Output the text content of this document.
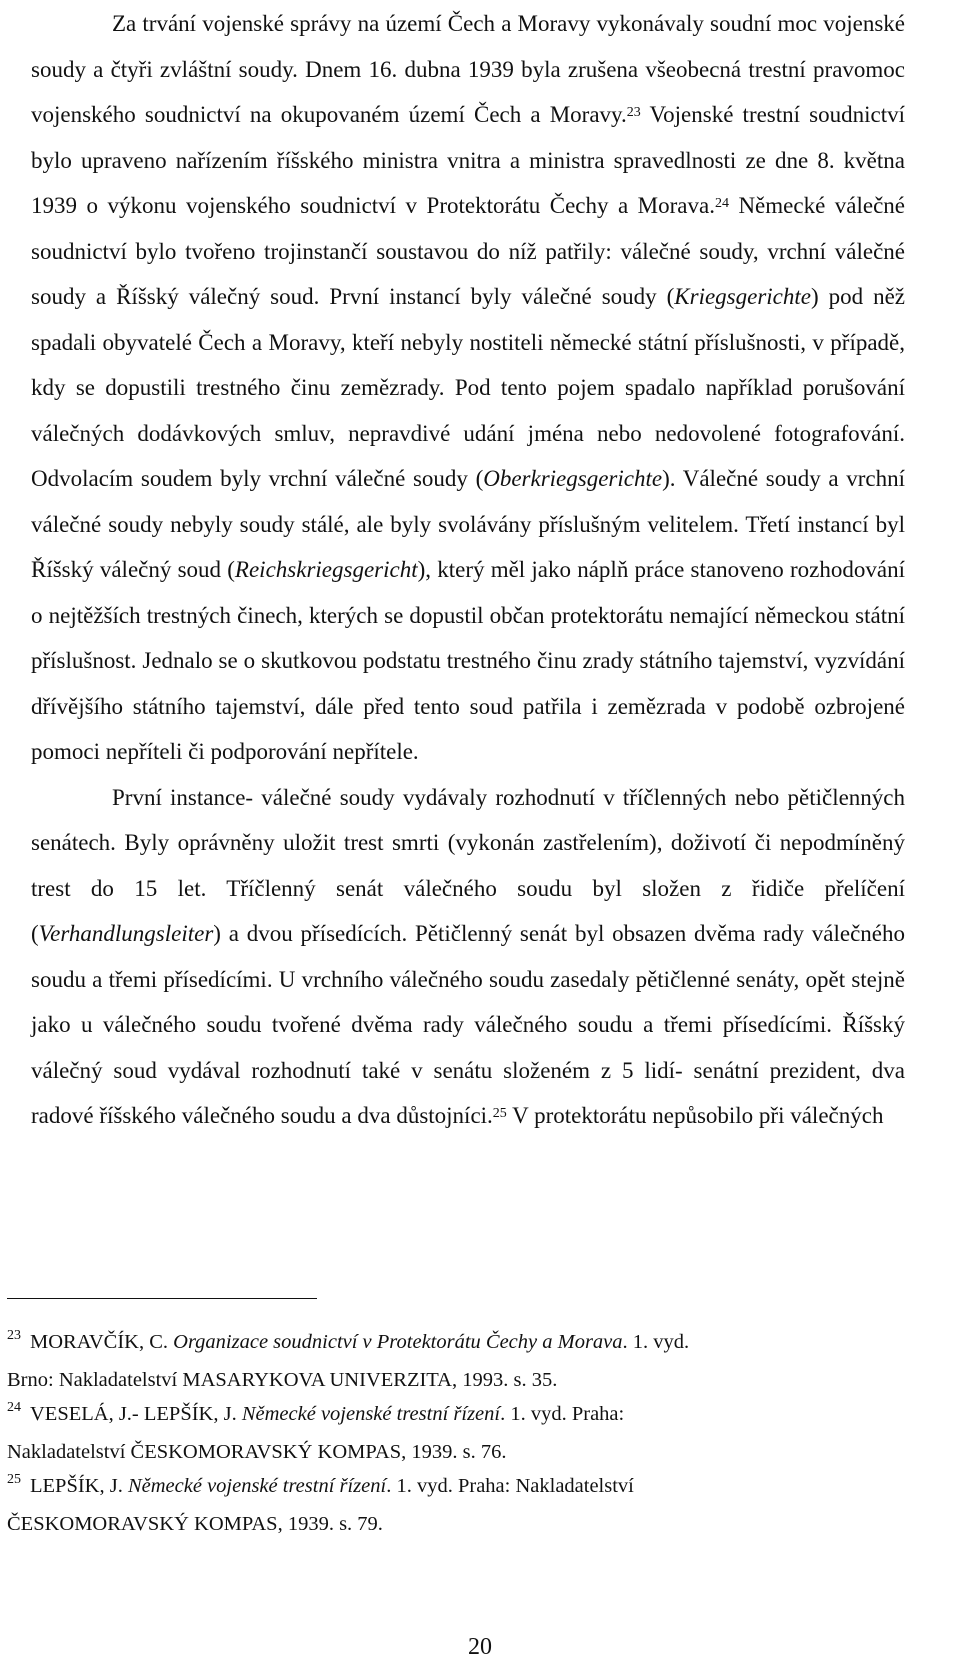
Za trvání vojenské správy na území Čech a Moravy vykonávaly soudní moc vojenské soudy a čtyři zvláštní soudy. Dnem 16. dubna 1939 byla zrušena všeobecná trestní pravomoc vojenského soudnictví na okupovaném území Čech a Moravy.$^{23}$ Vojenské trestní soudnictví bylo upraveno nařízením říšského ministra vnitra a ministra spravedlnosti ze dne 8. května 1939 o výkonu vojenského soudnictví v Protektorátu Čechy a Morava.$^{24}$ Německé válečné soudnictví bylo tvořeno trojinstančí soustavou do níž patřily: válečné soudy, vrchní válečné soudy a Říšský válečný soud. První instancí byly válečné soudy (Kriegsgerichte) pod něž spadali obyvatelé Čech a Moravy, kteří nebyly nostiteli německé státní příslušnosti, v případě, kdy se dopustili trestného činu zemězrady. Pod tento pojem spadalo například porušování válečných dodávkových smluv, nepravdivé udání jména nebo nedovolené fotografování. Odvolacím soudem byly vrchní válečné soudy (Oberkriegsgerichte). Válečné soudy a vrchní válečné soudy nebyly soudy stálé, ale byly svolávány příslušným velitelem. Třetí instancí byl Říšský válečný soud (Reichskriegsgericht), který měl jako náplň práce stanoveno rozhodování o nejtěžších trestných činech, kterých se dopustil občan protektorátu nemající německou státní příslušnost. Jednalo se o skutkovou podstatu trestného činu zrady státního tajemství, vyzvídání dřívějšího státního tajemství, dále před tento soud patřila i zemězrada v podobě ozbrojené pomoci nepříteli či podporování nepřítele.

První instance- válečné soudy vydávaly rozhodnutí v tříčlenných nebo pětičlenných senátech. Byly oprávněny uložit trest smrti (vykonán zastřelením), doživotí či nepodmíněný trest do 15 let. Tříčlenný senát válečného soudu byl složen z řidiče přelíčení (Verhandlungsleiter) a dvou přísedících. Pětičlenný senát byl obsazen dvěma rady válečného soudu a třemi přísedícími. U vrchního válečného soudu zasedaly pětičlenné senáty, opět stejně jako u válečného soudu tvořené dvěma rady válečného soudu a třemi přísedícími. Říšský válečný soud vydával rozhodnutí také v senátu složeném z 5 lidí- senátní prezident, dva radové říšského válečného soudu a dva důstojníci.$^{25}$ V protektorátu nepůsobilo při válečných

23 MORAVČÍK, C. Organizace soudnictví v Protektorátu Čechy a Morava. 1. vyd.
Brno: Nakladatelství MASARYKOVA UNIVERZITA, 1993. s. 35.
24 VESELÁ, J.- LEPŠÍK, J. Německé vojenské trestní řízení. 1. vyd. Praha:
Nakladatelství ČESKOMORAVSKÝ KOMPAS, 1939. s. 76.
25 LEPŠÍK, J. Německé vojenské trestní řízení. 1. vyd. Praha: Nakladatelství
ČESKOMORAVSKÝ KOMPAS, 1939. s. 79.
20
